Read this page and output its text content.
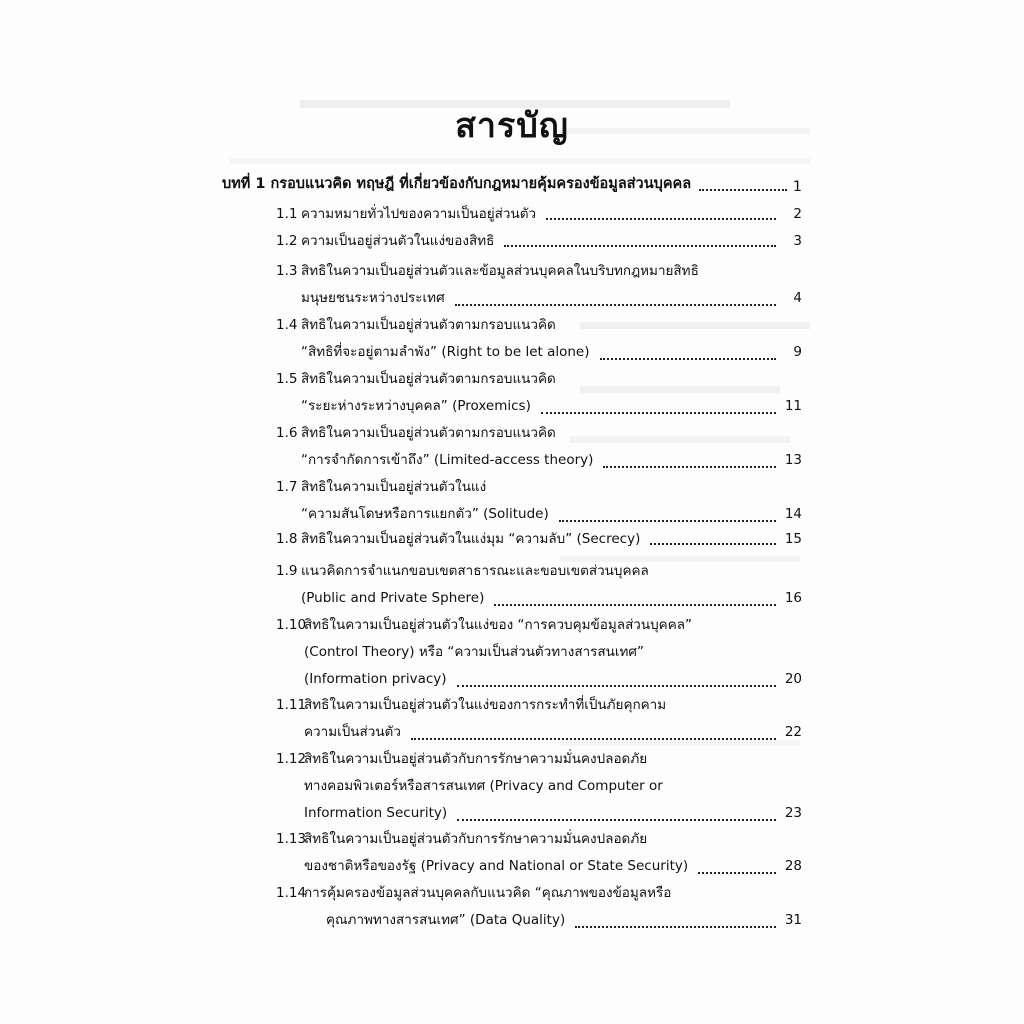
สารบัญ
บทที่ 1 กรอบแนวคิด ทฤษฎี ที่เกี่ยวข้องกับกฎหมายคุ้มครองข้อมูลส่วนบุคคล	1
1.1 ความหมายทั่วไปของความเป็นอยู่ส่วนตัว	2
1.2 ความเป็นอยู่ส่วนตัวในแง่ของสิทธิ	3
1.3 สิทธิในความเป็นอยู่ส่วนตัวและข้อมูลส่วนบุคคลในบริบทกฎหมายสิทธิ
มนุษยชนระหว่างประเทศ	4
1.4 สิทธิในความเป็นอยู่ส่วนตัวตามกรอบแนวคิด
“สิทธิที่จะอยู่ตามลำพัง” (Right to be let alone)	9
1.5 สิทธิในความเป็นอยู่ส่วนตัวตามกรอบแนวคิด
“ระยะห่างระหว่างบุคคล” (Proxemics)	11
1.6 สิทธิในความเป็นอยู่ส่วนตัวตามกรอบแนวคิด
“การจำกัดการเข้าถึง” (Limited-access theory)	13
1.7 สิทธิในความเป็นอยู่ส่วนตัวในแง่
“ความสันโดษหรือการแยกตัว” (Solitude)	14
1.8 สิทธิในความเป็นอยู่ส่วนตัวในแง่มุม “ความลับ” (Secrecy)	15
1.9 แนวคิดการจำแนกขอบเขตสาธารณะและขอบเขตส่วนบุคคล
(Public and Private Sphere)	16
1.10
สิทธิในความเป็นอยู่ส่วนตัวในแง่ของ “การควบคุมข้อมูลส่วนบุคคล”
(Control Theory) หรือ “ความเป็นส่วนตัวทางสารสนเทศ”
(Information privacy)	20
1.11
สิทธิในความเป็นอยู่ส่วนตัวในแง่ของการกระทำที่เป็นภัยคุกคาม
ความเป็นส่วนตัว	22
1.12
สิทธิในความเป็นอยู่ส่วนตัวกับการรักษาความมั่นคงปลอดภัย
ทางคอมพิวเตอร์หรือสารสนเทศ (Privacy and Computer or
Information Security)	23
1.13
สิทธิในความเป็นอยู่ส่วนตัวกับการรักษาความมั่นคงปลอดภัย
ของชาติหรือของรัฐ (Privacy and National or State Security)	28
1.14
การคุ้มครองข้อมูลส่วนบุคคลกับแนวคิด “คุณภาพของข้อมูลหรือ
คุณภาพทางสารสนเทศ” (Data Quality)	31
